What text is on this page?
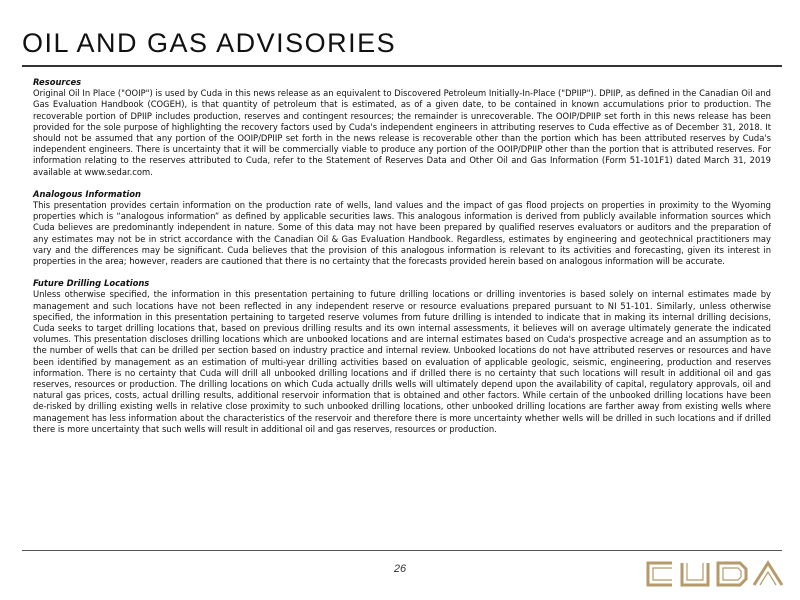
OIL AND GAS ADVISORIES
Resources
Original Oil In Place ("OOIP") is used by Cuda in this news release as an equivalent to Discovered Petroleum Initially-In-Place ("DPIIP"). DPIIP, as defined in the Canadian Oil and Gas Evaluation Handbook (COGEH), is that quantity of petroleum that is estimated, as of a given date, to be contained in known accumulations prior to production. The recoverable portion of DPIIP includes production, reserves and contingent resources; the remainder is unrecoverable. The OOIP/DPIIP set forth in this news release has been provided for the sole purpose of highlighting the recovery factors used by Cuda's independent engineers in attributing reserves to Cuda effective as of December 31, 2018. It should not be assumed that any portion of the OOIP/DPIIP set forth in the news release is recoverable other than the portion which has been attributed reserves by Cuda's independent engineers. There is uncertainty that it will be commercially viable to produce any portion of the OOIP/DPIIP other than the portion that is attributed reserves. For information relating to the reserves attributed to Cuda, refer to the Statement of Reserves Data and Other Oil and Gas Information (Form 51-101F1) dated March 31, 2019 available at www.sedar.com.
Analogous Information
This presentation provides certain information on the production rate of wells, land values and the impact of gas flood projects on properties in proximity to the Wyoming properties which is “analogous information” as defined by applicable securities laws. This analogous information is derived from publicly available information sources which Cuda believes are predominantly independent in nature. Some of this data may not have been prepared by qualified reserves evaluators or auditors and the preparation of any estimates may not be in strict accordance with the Canadian Oil & Gas Evaluation Handbook. Regardless, estimates by engineering and geotechnical practitioners may vary and the differences may be significant. Cuda believes that the provision of this analogous information is relevant to its activities and forecasting, given its interest in properties in the area; however, readers are cautioned that there is no certainty that the forecasts provided herein based on analogous information will be accurate.
Future Drilling Locations
Unless otherwise specified, the information in this presentation pertaining to future drilling locations or drilling inventories is based solely on internal estimates made by management and such locations have not been reflected in any independent reserve or resource evaluations prepared pursuant to NI 51-101. Similarly, unless otherwise specified, the information in this presentation pertaining to targeted reserve volumes from future drilling is intended to indicate that in making its internal drilling decisions, Cuda seeks to target drilling locations that, based on previous drilling results and its own internal assessments, it believes will on average ultimately generate the indicated volumes. This presentation discloses drilling locations which are unbooked locations and are internal estimates based on Cuda's prospective acreage and an assumption as to the number of wells that can be drilled per section based on industry practice and internal review. Unbooked locations do not have attributed reserves or resources and have been identified by management as an estimation of multi-year drilling activities based on evaluation of applicable geologic, seismic, engineering, production and reserves information. There is no certainty that Cuda will drill all unbooked drilling locations and if drilled there is no certainty that such locations will result in additional oil and gas reserves, resources or production. The drilling locations on which Cuda actually drills wells will ultimately depend upon the availability of capital, regulatory approvals, oil and natural gas prices, costs, actual drilling results, additional reservoir information that is obtained and other factors. While certain of the unbooked drilling locations have been de-risked by drilling existing wells in relative close proximity to such unbooked drilling locations, other unbooked drilling locations are farther away from existing wells where management has less information about the characteristics of the reservoir and therefore there is more uncertainty whether wells will be drilled in such locations and if drilled there is more uncertainty that such wells will result in additional oil and gas reserves, resources or production.
26
